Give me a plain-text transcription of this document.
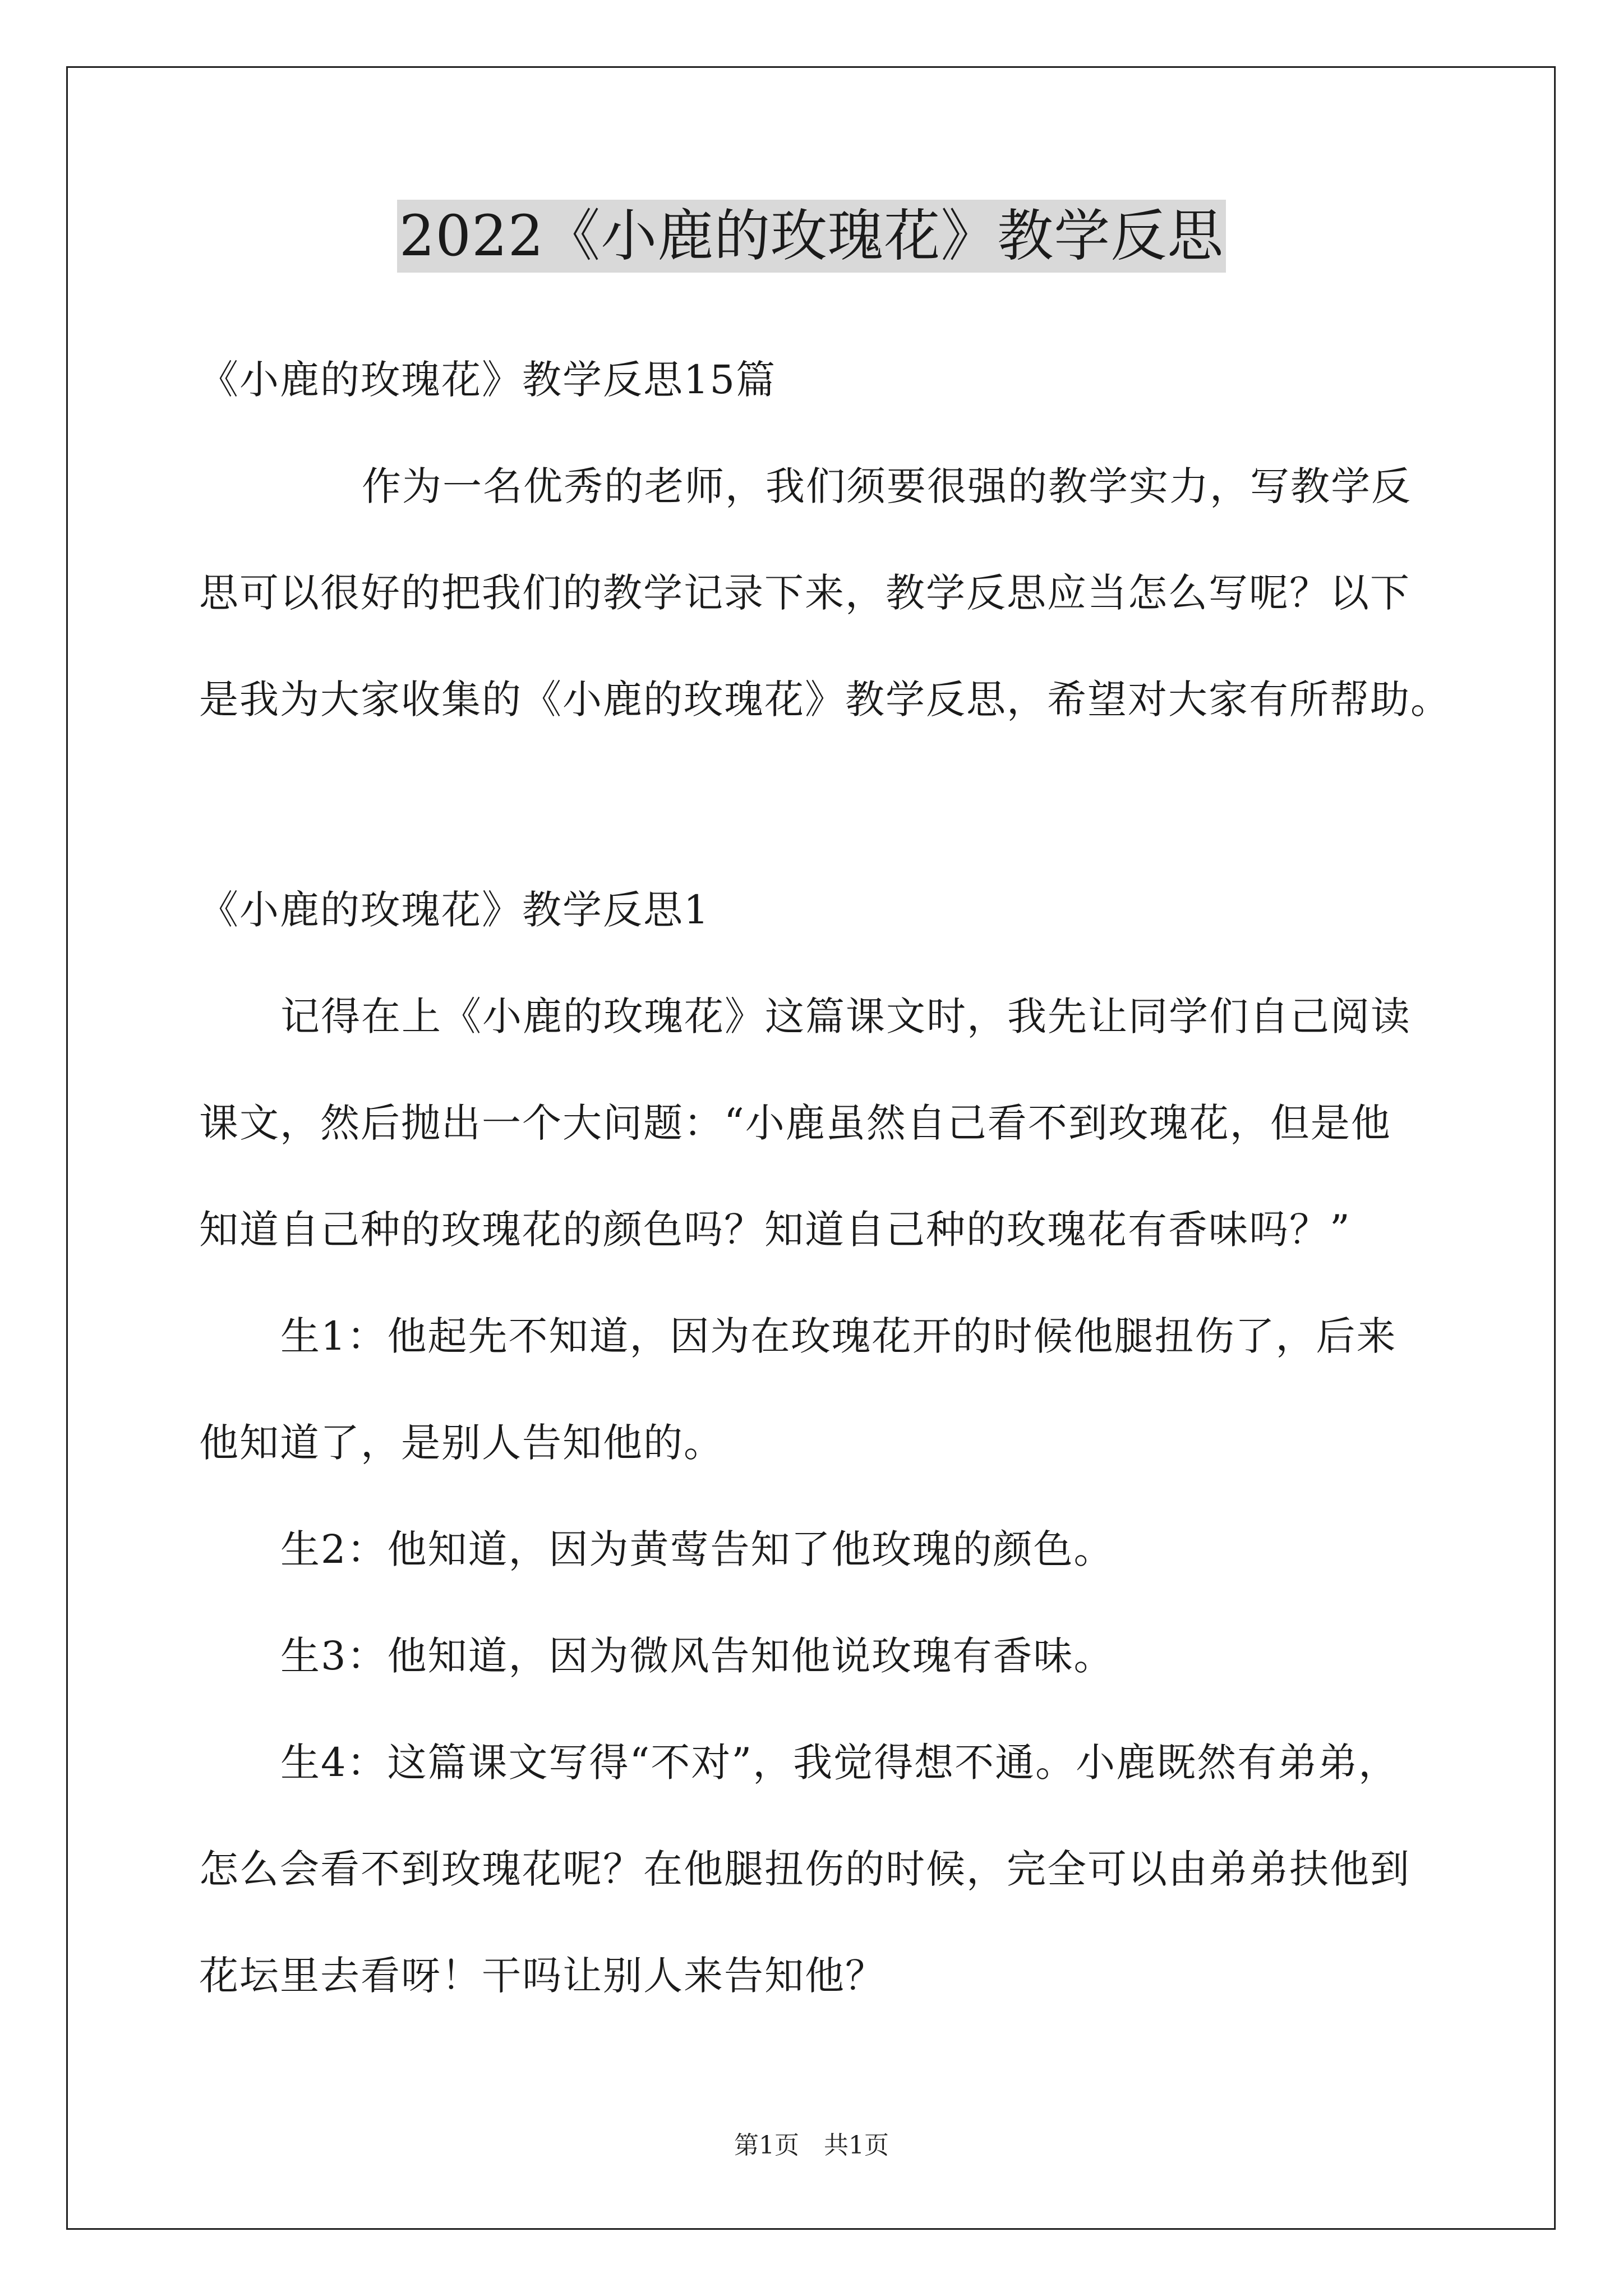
2022《小鹿的玫瑰花》教学反思
《小鹿的玫瑰花》教学反思15篇
作为一名优秀的老师，我们须要很强的教学实力，写教学反
思可以很好的把我们的教学记录下来，教学反思应当怎么写呢？以下
是我为大家收集的《小鹿的玫瑰花》教学反思，希望对大家有所帮助。
《小鹿的玫瑰花》教学反思1
记得在上《小鹿的玫瑰花》这篇课文时，我先让同学们自己阅读
课文，然后抛出一个大问题：“小鹿虽然自己看不到玫瑰花，但是他
知道自己种的玫瑰花的颜色吗？知道自己种的玫瑰花有香味吗？”
生1：他起先不知道，因为在玫瑰花开的时候他腿扭伤了，后来
他知道了，是别人告知他的。
生2：他知道，因为黄莺告知了他玫瑰的颜色。
生3：他知道，因为微风告知他说玫瑰有香味。
生4：这篇课文写得“不对”，我觉得想不通。小鹿既然有弟弟，
怎么会看不到玫瑰花呢？在他腿扭伤的时候，完全可以由弟弟扶他到
花坛里去看呀！干吗让别人来告知他？
第1页　共1页
